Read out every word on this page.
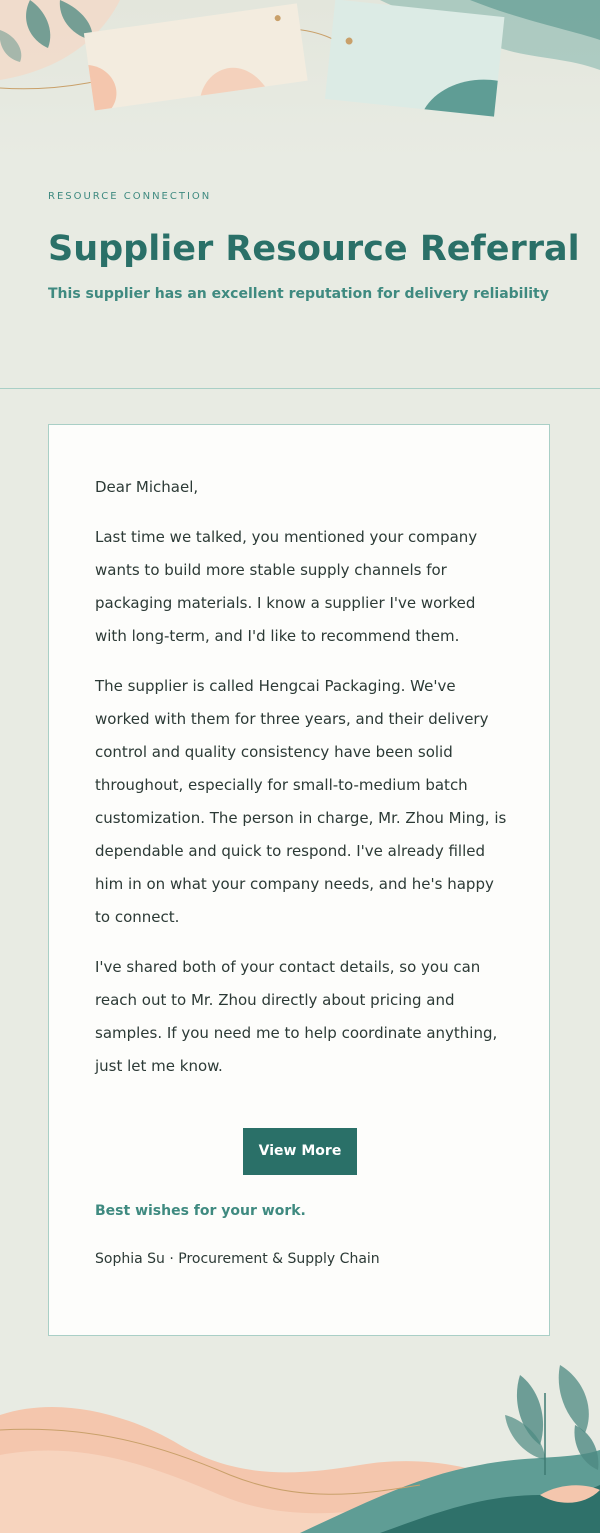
RESOURCE CONNECTION

Supplier Resource Referral

This supplier has an excellent reputation for delivery reliability

Dear Michael,

Last time we talked, you mentioned your company wants to build more stable supply channels for packaging materials. I know a supplier I've worked with long-term, and I'd like to recommend them.

The supplier is called Hengcai Packaging. We've worked with them for three years, and their delivery control and quality consistency have been solid throughout, especially for small-to-medium batch customization. The person in charge, Mr. Zhou Ming, is dependable and quick to respond. I've already filled him in on what your company needs, and he's happy to connect.

I've shared both of your contact details, so you can reach out to Mr. Zhou directly about pricing and samples. If you need me to help coordinate anything, just let me know.

View More
Best wishes for your work.
Sophia Su · Procurement & Supply Chain
